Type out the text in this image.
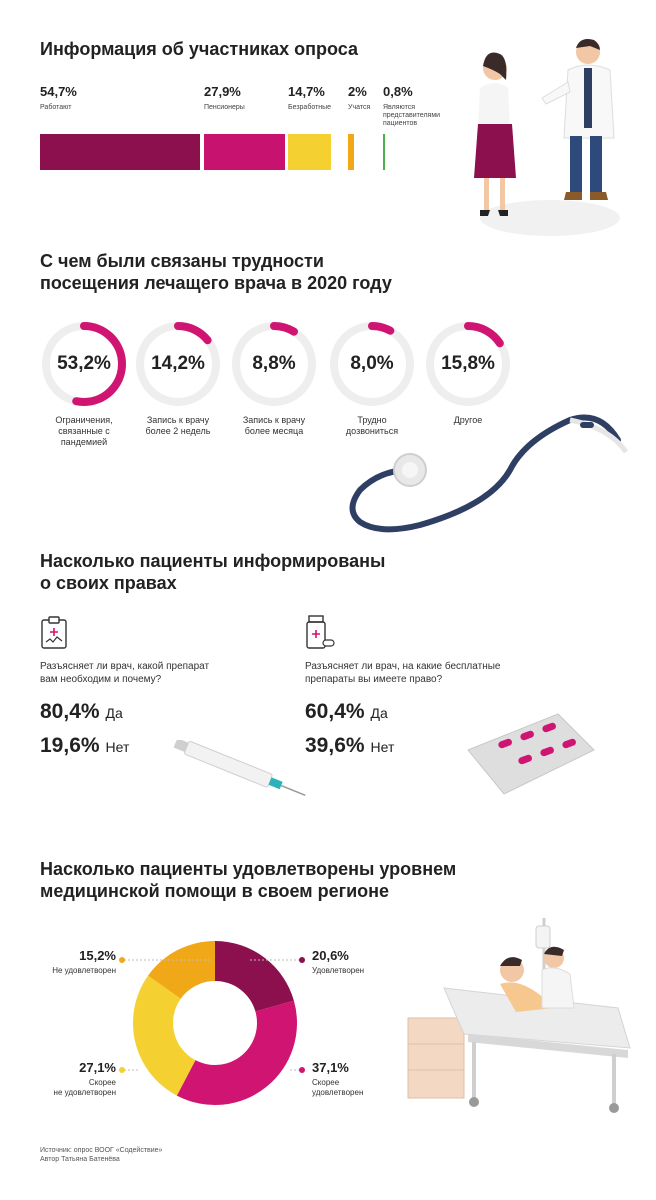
Информация об участниках опроса
54,7%
Работают
27,9%
Пенсионеры
14,7%
Безработные
2%
Учатся
0,8%
Являются
представителями
пациентов
С чем были связаны трудности
посещения лечащего врача в 2020 году
53,2%
Ограничения,
связанные с
пандемией
14,2%
Запись к врачу
более 2 недель
8,8%
Запись к врачу
более месяца
8,0%
Трудно
дозвониться
15,8%
Другое
Насколько пациенты информированы
о своих правах
Разъясняет ли врач, какой препарат
вам необходим и почему?
80,4% Да
19,6% Нет
Разъясняет ли врач, на какие бесплатные
препараты вы имеете право?
60,4% Да
39,6% Нет
Насколько пациенты удовлетворены уровнем
медицинской помощи в своем регионе
15,2%
Не удовлетворен
20,6%
Удовлетворен
27,1%
Скорее
не удовлетворен
37,1%
Скорее
удовлетворен
Источник: опрос ВООГ «Содействие»
Автор Татьяна Батенёва
